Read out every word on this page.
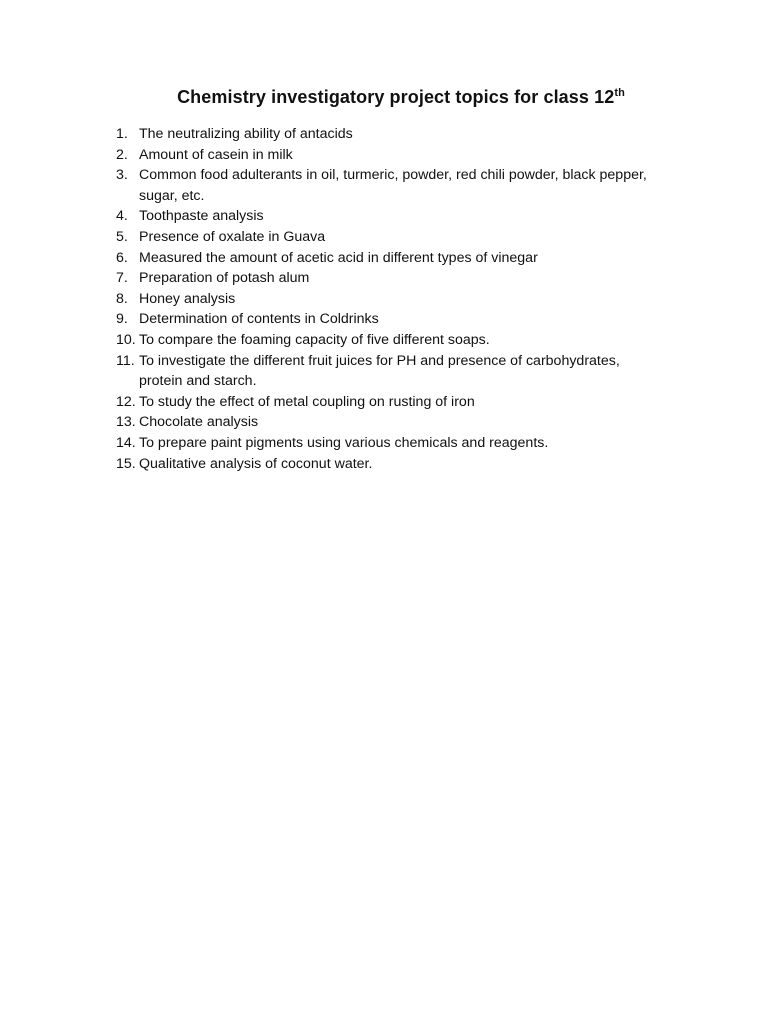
Chemistry investigatory project topics for class 12th
1. The neutralizing ability of antacids
2. Amount of casein in milk
3. Common food adulterants in oil, turmeric, powder, red chili powder, black pepper, sugar, etc.
4. Toothpaste analysis
5. Presence of oxalate in Guava
6. Measured the amount of acetic acid in different types of vinegar
7. Preparation of potash alum
8. Honey analysis
9. Determination of contents in Coldrinks
10. To compare the foaming capacity of five different soaps.
11. To investigate the different fruit juices for PH and presence of carbohydrates, protein and starch.
12. To study the effect of metal coupling on rusting of iron
13. Chocolate analysis
14. To prepare paint pigments using various chemicals and reagents.
15. Qualitative analysis of coconut water.
